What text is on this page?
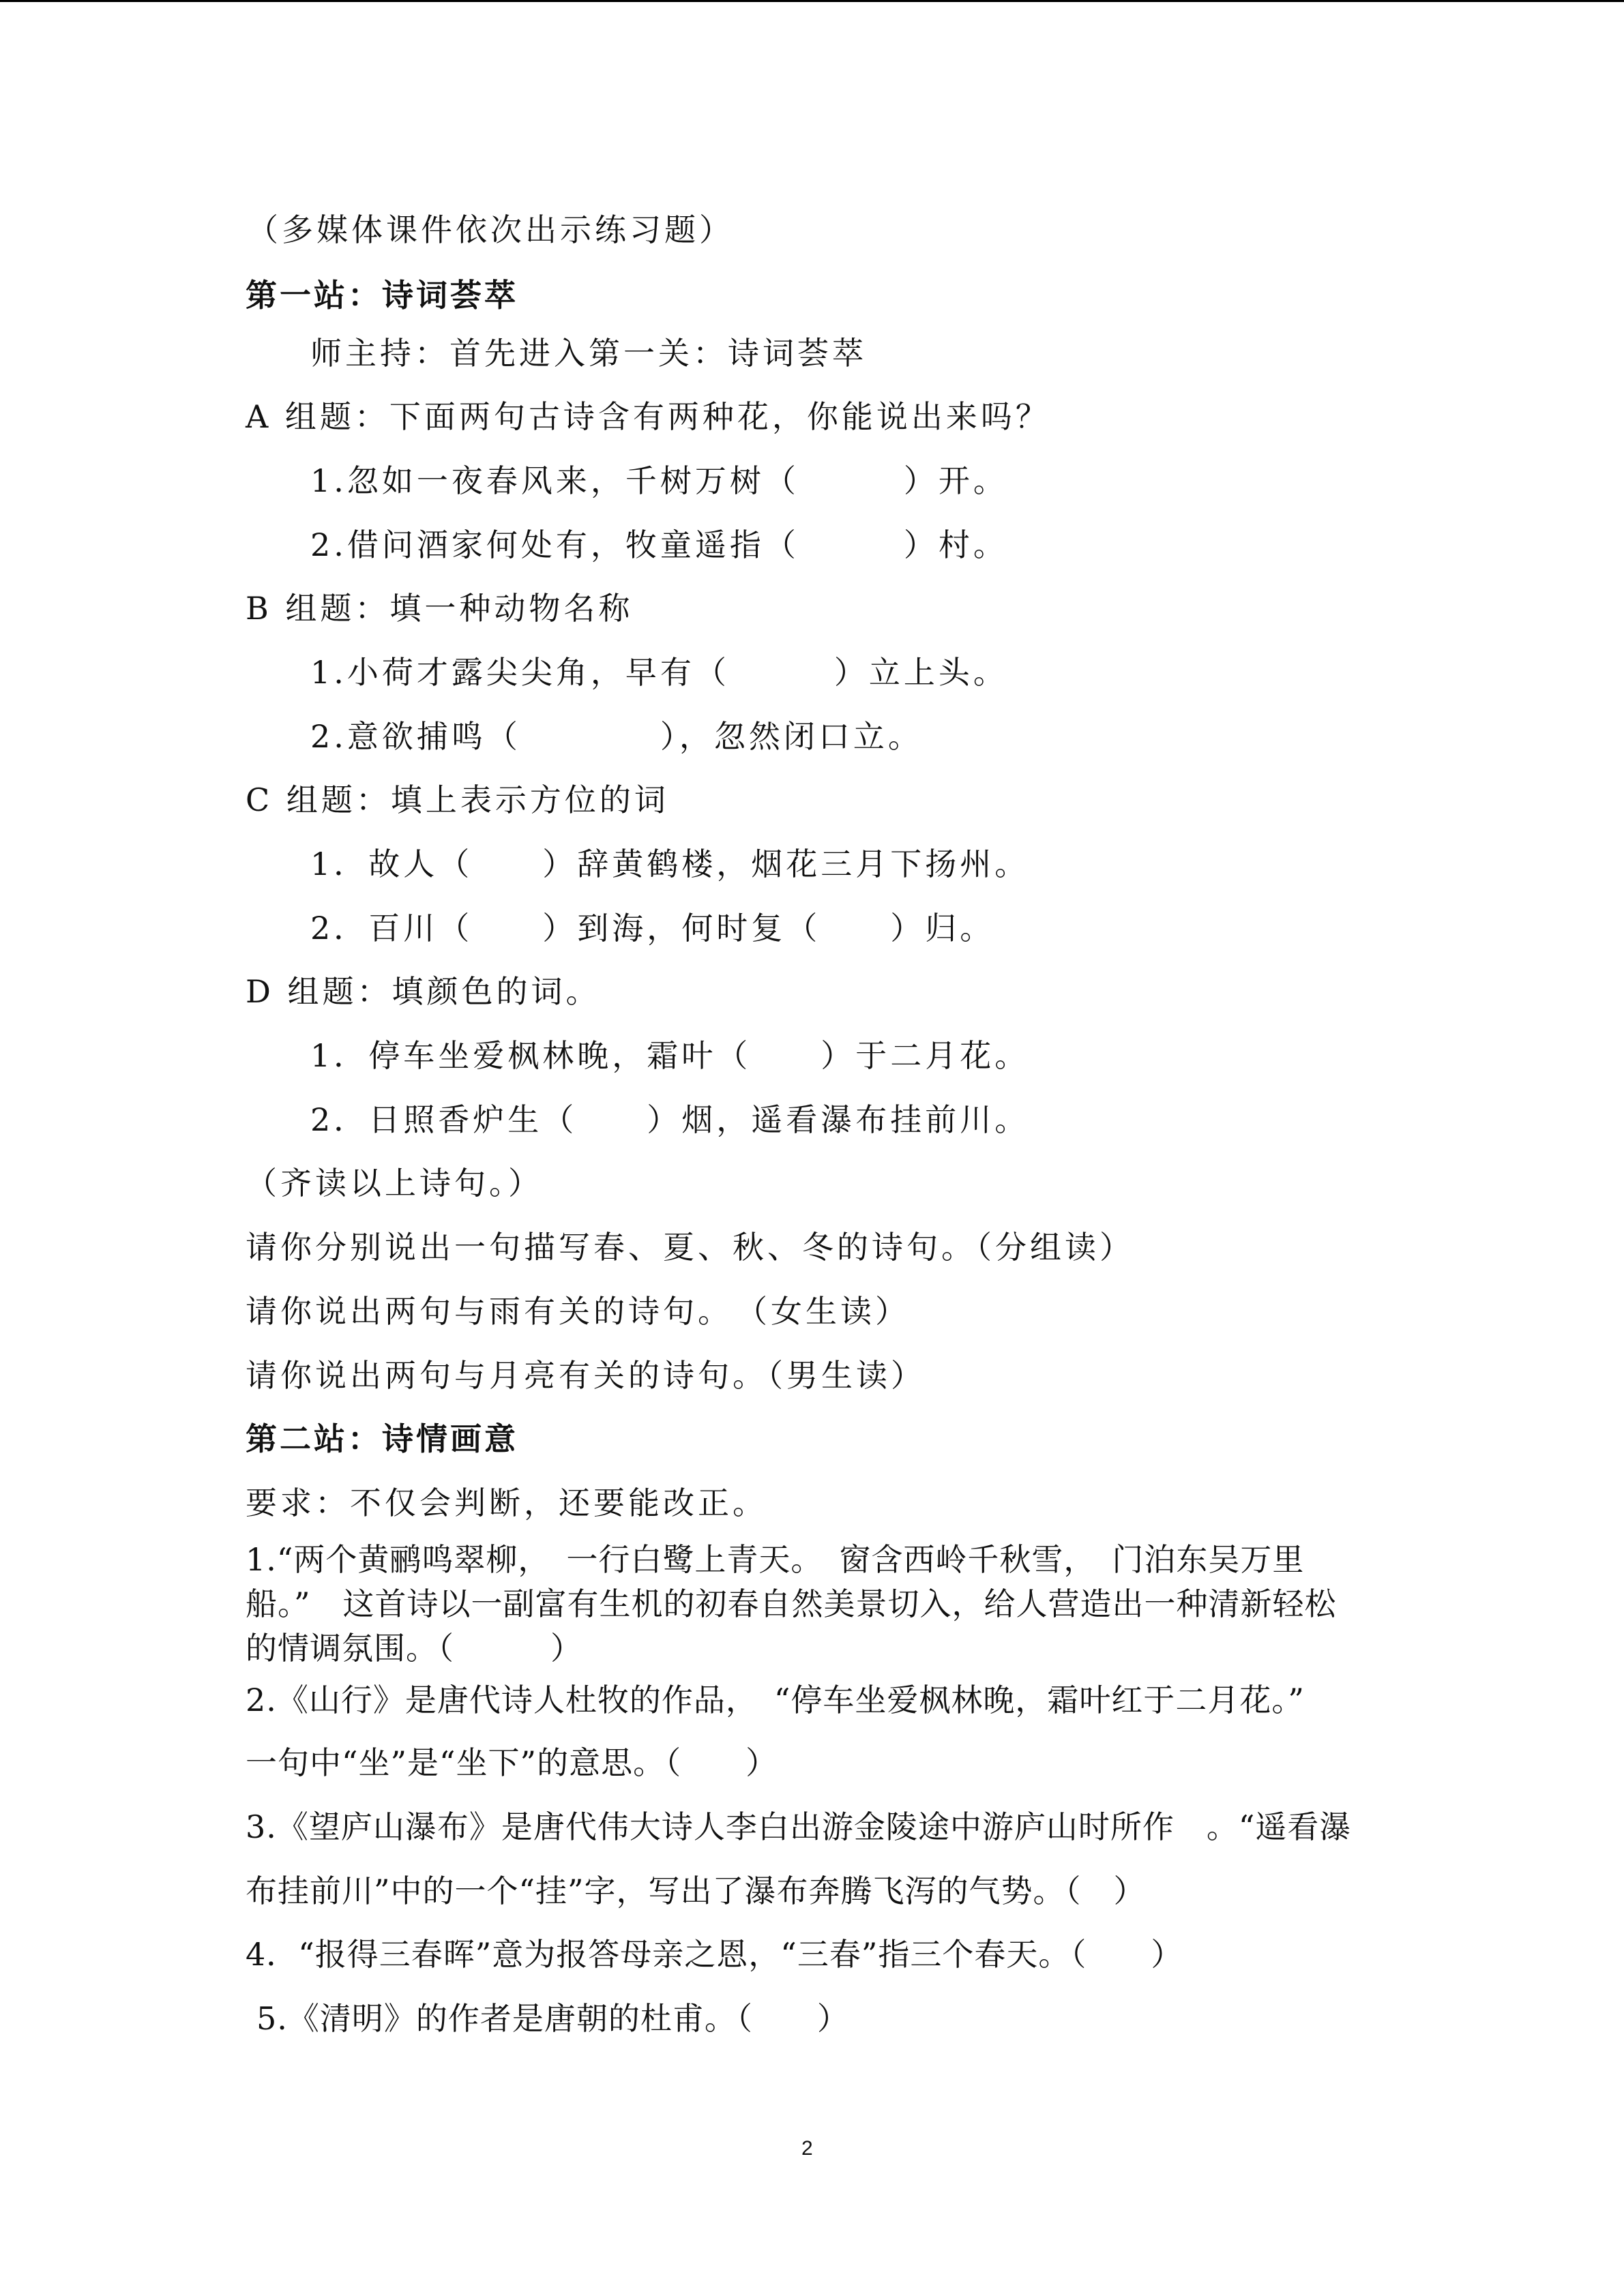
（多媒体课件依次出示练习题）
第一站：诗词荟萃
师主持：首先进入第一关：诗词荟萃
A 组题：下面两句古诗含有两种花，你能说出来吗？
1.忽如一夜春风来，千树万树（　　　）开。
2.借问酒家何处有，牧童遥指（　　　）村。
B 组题：填一种动物名称
1.小荷才露尖尖角，早有（　　　）立上头。
2.意欲捕鸣（　　　　），忽然闭口立。
C 组题：填上表示方位的词
1．故人（　　）辞黄鹤楼，烟花三月下扬州。
2．百川（　　）到海，何时复（　　）归。
D 组题：填颜色的词。
1．停车坐爱枫林晚，霜叶（　　）于二月花。
2．日照香炉生（　　）烟，遥看瀑布挂前川。
（齐读以上诗句。）
请你分别说出一句描写春、夏、秋、冬的诗句。（分组读）
请你说出两句与雨有关的诗句。　（女生读）
请你说出两句与月亮有关的诗句。（男生读）
第二站：诗情画意
要求：不仅会判断，还要能改正。
1.“两个黄鹂鸣翠柳，　一行白鹭上青天。　窗含西岭千秋雪，　门泊东吴万里
船。”　这首诗以一副富有生机的初春自然美景切入，给人营造出一种清新轻松
的情调氛围。（　　　）
2.《山行》是唐代诗人杜牧的作品，　“停车坐爱枫林晚，霜叶红于二月花。”
一句中“坐”是“坐下”的意思。（　　）
3.《望庐山瀑布》是唐代伟大诗人李白出游金陵途中游庐山时所作　。“遥看瀑
布挂前川”中的一个“挂”字，写出了瀑布奔腾飞泻的气势。（　）
4．“报得三春晖”意为报答母亲之恩，“三春”指三个春天。（　　）
5.《清明》的作者是唐朝的杜甫。（　　）
2
